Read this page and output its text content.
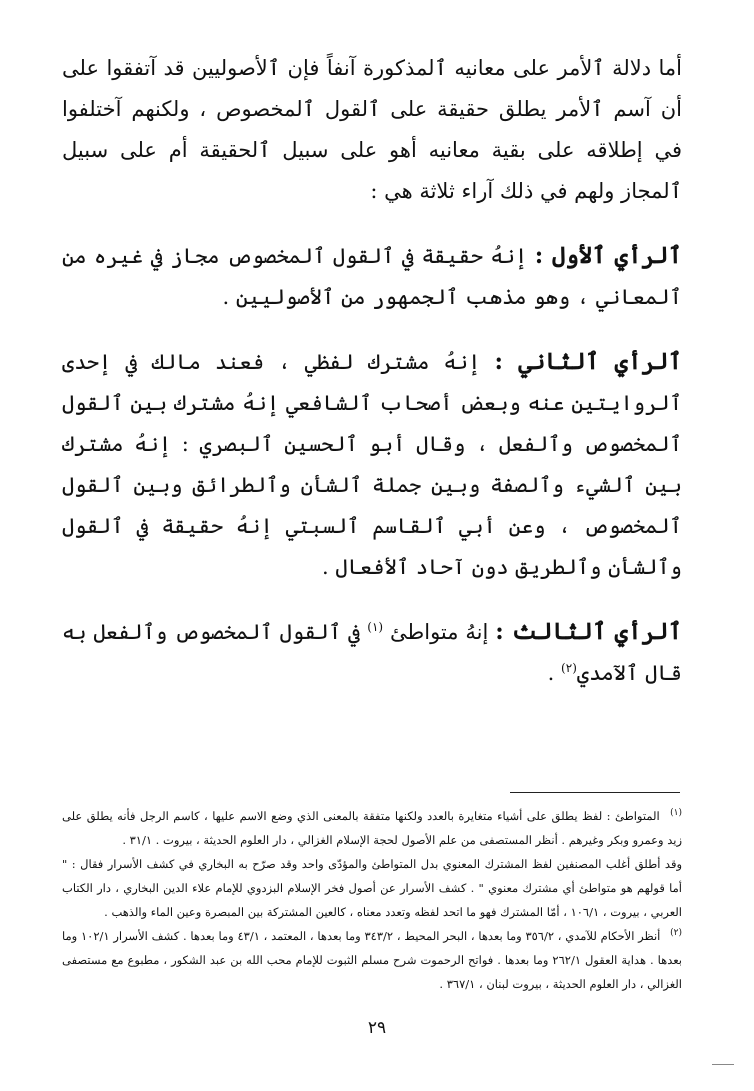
أما دلالة ٱلأمر على معانيه ٱلمذكورة آنفاً فإن ٱلأصوليين قد آتفقوا على أن آسم ٱلأمر يطلق حقيقة على ٱلقول ٱلمخصوص ، ولكنهم آختلفوا في إطلاقه على بقية معانيه أهو على سبيل ٱلحقيقة أم على سبيل ٱلمجاز ولهم في ذلك آراء ثلاثة هي :

ٱلرأي ٱلأول : إنهُ حقيقة في ٱلقول ٱلمخصوص مجاز في غيره من ٱلمعاني ، وهو مذهب ٱلجمهور من ٱلأصوليين .

ٱلرأي ٱلثاني : إنهُ مشترك لفظي ، فعند مالك في إحدى ٱلروايتين عنه وبعض أصحاب ٱلشافعي إنهُ مشترك بين ٱلقول ٱلمخصوص وٱلفعل ، وقال أبو ٱلحسين ٱلبصري : إنهُ مشترك بين ٱلشيء وٱلصفة وبين جملة ٱلشأن وٱلطرائق وبين ٱلقول ٱلمخصوص ، وعن أبي ٱلقاسم ٱلسبتي إنهُ حقيقة في ٱلقول وٱلشأن وٱلطريق دون آحاد ٱلأفعال .

ٱلرأي ٱلثالث : إنهُ متواطئ $^{(١)}$ في ٱلقول ٱلمخصوص وٱلفعل به قال ٱلآمدي$^{(٢)}$ .

$^{(١)}$ المتواطئ : لفظ يطلق على أشياء متغايرة بالعدد ولكنها متفقة بالمعنى الذي وضع الاسم عليها ، كاسم الرجل فأنه يطلق على زيد وعمرو وبكر وغيرهم . أنظر المستصفى من علم الأصول لحجة الإسلام الغزالي ، دار العلوم الحديثة ، بيروت . ٣١/١ .

وقد أطلق أغلب المصنفين لفظ المشترك المعنوي بدل المتواطئ والمؤدّى واحد وقد صرّح به البخاري في كشف الأسرار فقال : " أما قولهم هو متواطئ أي مشترك معنوي " . كشف الأسرار عن أصول فخر الإسلام البزدوي للإمام علاء الدين البخاري ، دار الكتاب العربي ، بيروت ، ١٠٦/١ ، أمّا المشترك فهو ما اتحد لفظه وتعدد معناه ، كالعين المشتركة بين المبصرة وعين الماء والذهب .

$^{(٢)}$ أنظر الأحكام للآمدي ، ٣٥٦/٢ وما بعدها ، البحر المحيط ، ٣٤٣/٢ وما بعدها ، المعتمد ، ٤٣/١ وما بعدها . كشف الأسرار ١٠٢/١ وما بعدها . هداية العقول ٢٦٢/١ وما بعدها . فواتح الرحموت شرح مسلم الثبوت للإمام محب الله بن عبد الشكور ، مطبوع مع مستصفى الغزالي ، دار العلوم الحديثة ، بيروت لبنان ، ٣٦٧/١ .

٢٩
